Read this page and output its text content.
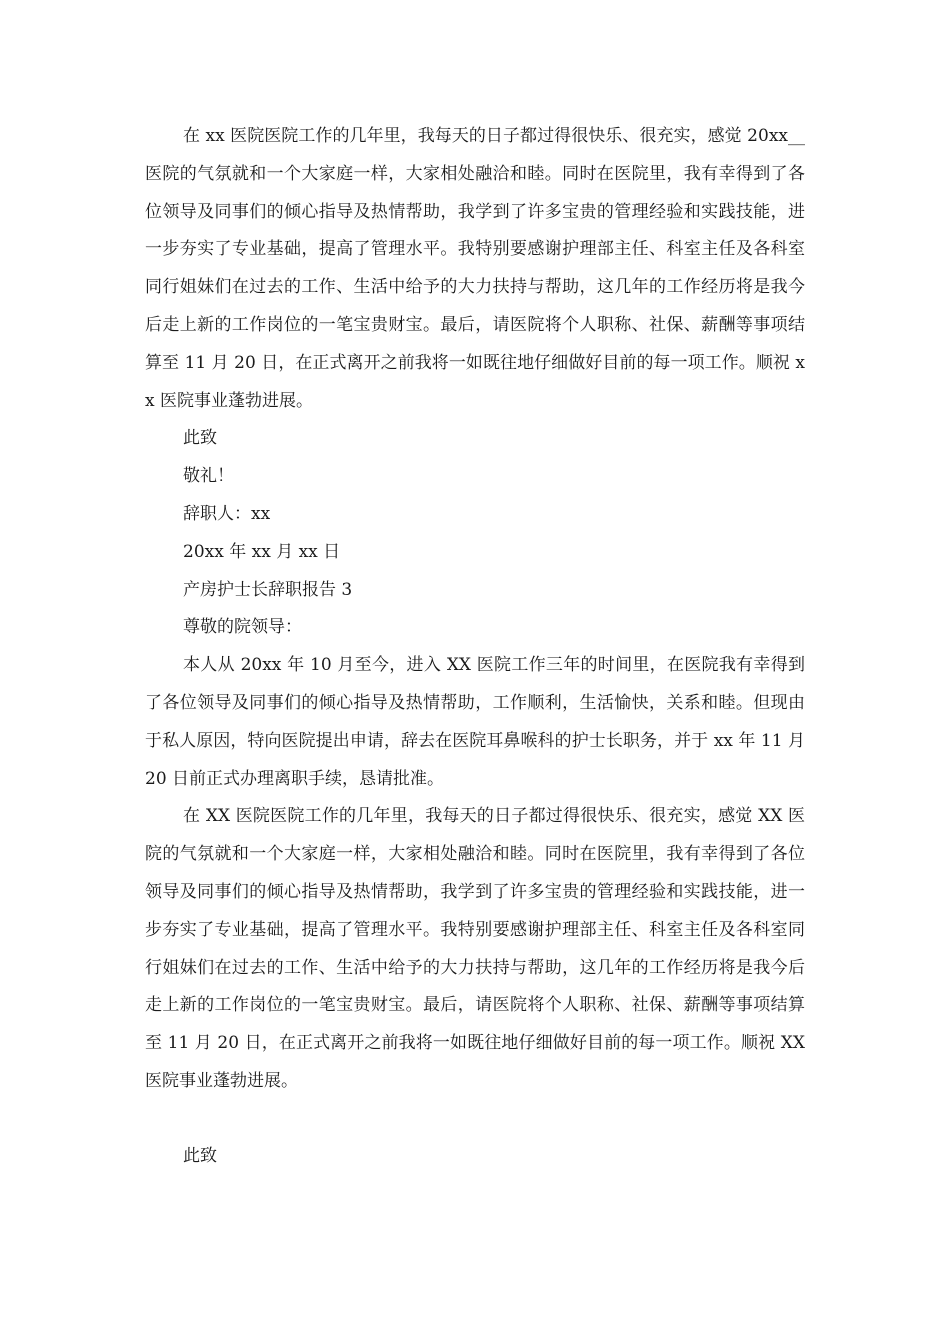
在 xx 医院医院工作的几年里，我每天的日子都过得很快乐、很充实，感觉 20xx__医院的气氛就和一个大家庭一样，大家相处融洽和睦。同时在医院里，我有幸得到了各位领导及同事们的倾心指导及热情帮助，我学到了许多宝贵的管理经验和实践技能，进一步夯实了专业基础，提高了管理水平。我特别要感谢护理部主任、科室主任及各科室同行姐妹们在过去的工作、生活中给予的大力扶持与帮助，这几年的工作经历将是我今后走上新的工作岗位的一笔宝贵财宝。最后，请医院将个人职称、社保、薪酬等事项结算至 11 月 20 日，在正式离开之前我将一如既往地仔细做好目前的每一项工作。顺祝 xx 医院事业蓬勃进展。

此致

敬礼！

辞职人：xx

20xx 年 xx 月 xx 日

产房护士长辞职报告 3

尊敬的院领导：

本人从 20xx 年 10 月至今，进入 XX 医院工作三年的时间里，在医院我有幸得到了各位领导及同事们的倾心指导及热情帮助，工作顺利，生活愉快，关系和睦。但现由于私人原因，特向医院提出申请，辞去在医院耳鼻喉科的护士长职务，并于 xx 年 11 月 20 日前正式办理离职手续，恳请批准。

在 XX 医院医院工作的几年里，我每天的日子都过得很快乐、很充实，感觉 XX 医院的气氛就和一个大家庭一样，大家相处融洽和睦。同时在医院里，我有幸得到了各位领导及同事们的倾心指导及热情帮助，我学到了许多宝贵的管理经验和实践技能，进一步夯实了专业基础，提高了管理水平。我特别要感谢护理部主任、科室主任及各科室同行姐妹们在过去的工作、生活中给予的大力扶持与帮助，这几年的工作经历将是我今后走上新的工作岗位的一笔宝贵财宝。最后，请医院将个人职称、社保、薪酬等事项结算至 11 月 20 日，在正式离开之前我将一如既往地仔细做好目前的每一项工作。顺祝 XX 医院事业蓬勃进展。

此致
